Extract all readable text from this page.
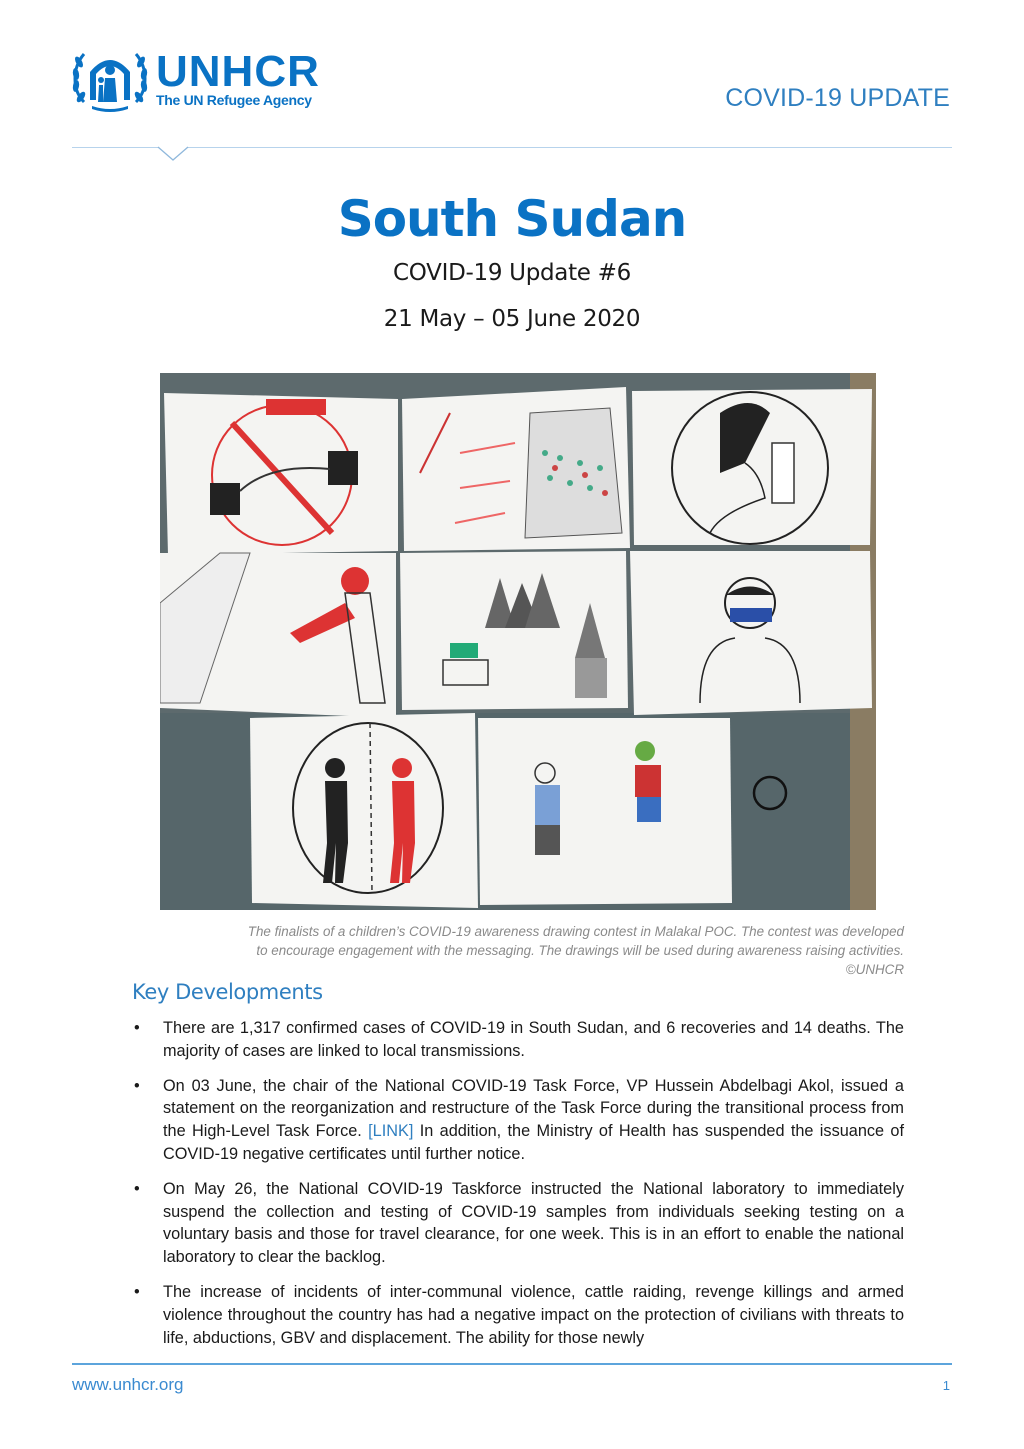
UNHCR
The UN Refugee Agency	COVID-19 UPDATE
South Sudan
COVID-19 Update #6
21 May – 05 June 2020
The finalists of a children’s COVID-19 awareness drawing contest in Malakal POC. The contest was developed
to encourage engagement with the messaging. The drawings will be used during awareness raising activities.
©UNHCR
Key Developments
• There are 1,317 confirmed cases of COVID-19 in South Sudan, and 6 recoveries and 14 deaths. The majority of cases are linked to local transmissions.
• On 03 June, the chair of the National COVID-19 Task Force, VP Hussein Abdelbagi Akol, issued a statement on the reorganization and restructure of the Task Force during the transitional process from the High-Level Task Force. [LINK] In addition, the Ministry of Health has suspended the issuance of COVID-19 negative certificates until further notice.
• On May 26, the National COVID-19 Taskforce instructed the National laboratory to immediately suspend the collection and testing of COVID-19 samples from individuals seeking testing on a voluntary basis and those for travel clearance, for one week. This is in an effort to enable the national laboratory to clear the backlog.
• The increase of incidents of inter-communal violence, cattle raiding, revenge killings and armed violence throughout the country has had a negative impact on the protection of civilians with threats to life, abductions, GBV and displacement. The ability for those newly
www.unhcr.org	1
